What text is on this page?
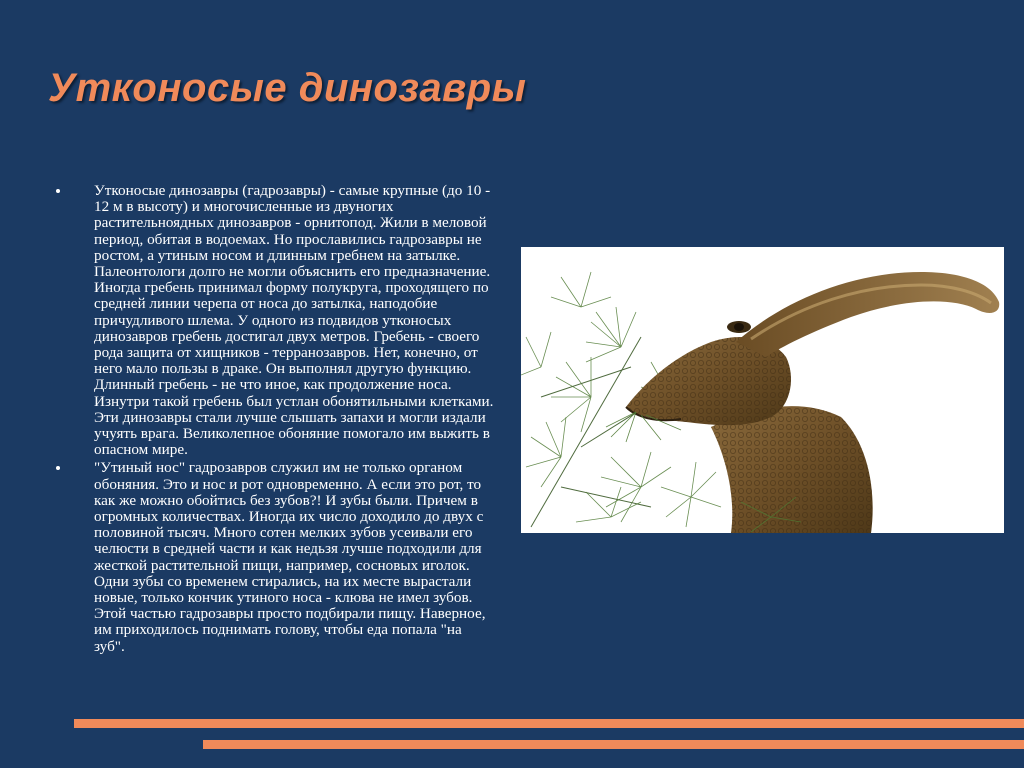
Утконосые динозавры
Утконосые динозавры (гадрозавры) - самые крупные (до 10 - 12 м в высоту) и многочисленные из двуногих растительноядных динозавров - орнитопод. Жили в меловой период, обитая в водоемах. Но прославились гадрозавры не ростом, а утиным носом и длинным гребнем на затылке. Палеонтологи долго не могли объяснить его предназначение. Иногда гребень принимал форму полукруга, проходящего по средней линии черепа от носа до затылка, наподобие причудливого шлема. У одного из подвидов утконосых динозавров гребень достигал двух метров. Гребень - своего рода защита от хищников - терранозавров. Нет, конечно, от него мало пользы в драке. Он выполнял другую функцию. Длинный гребень - не что иное, как продолжение носа. Изнутри такой гребень был устлан обонятильными клетками. Эти динозавры стали лучше слышать запахи и могли издали учуять врага. Великолепное обоняние помогало им выжить в опасном мире.
"Утиный нос" гадрозавров служил им не только органом обоняния. Это и нос и рот одновременно. А если это рот, то как же можно обойтись без зубов?! И зубы были. Причем в огромных количествах. Иногда их число доходило до двух с половиной тысяч. Много сотен мелких зубов усеивали его челюсти в средней части и как недьзя лучше подходили для жесткой растительной пищи, например, сосновых иголок. Одни зубы со временем стирались, на их месте вырастали новые, только кончик утиного носа - клюва не имел зубов. Этой частью гадрозавры просто подбирали пищу. Наверное, им приходилось поднимать голову, чтобы еда попала "на зуб".
